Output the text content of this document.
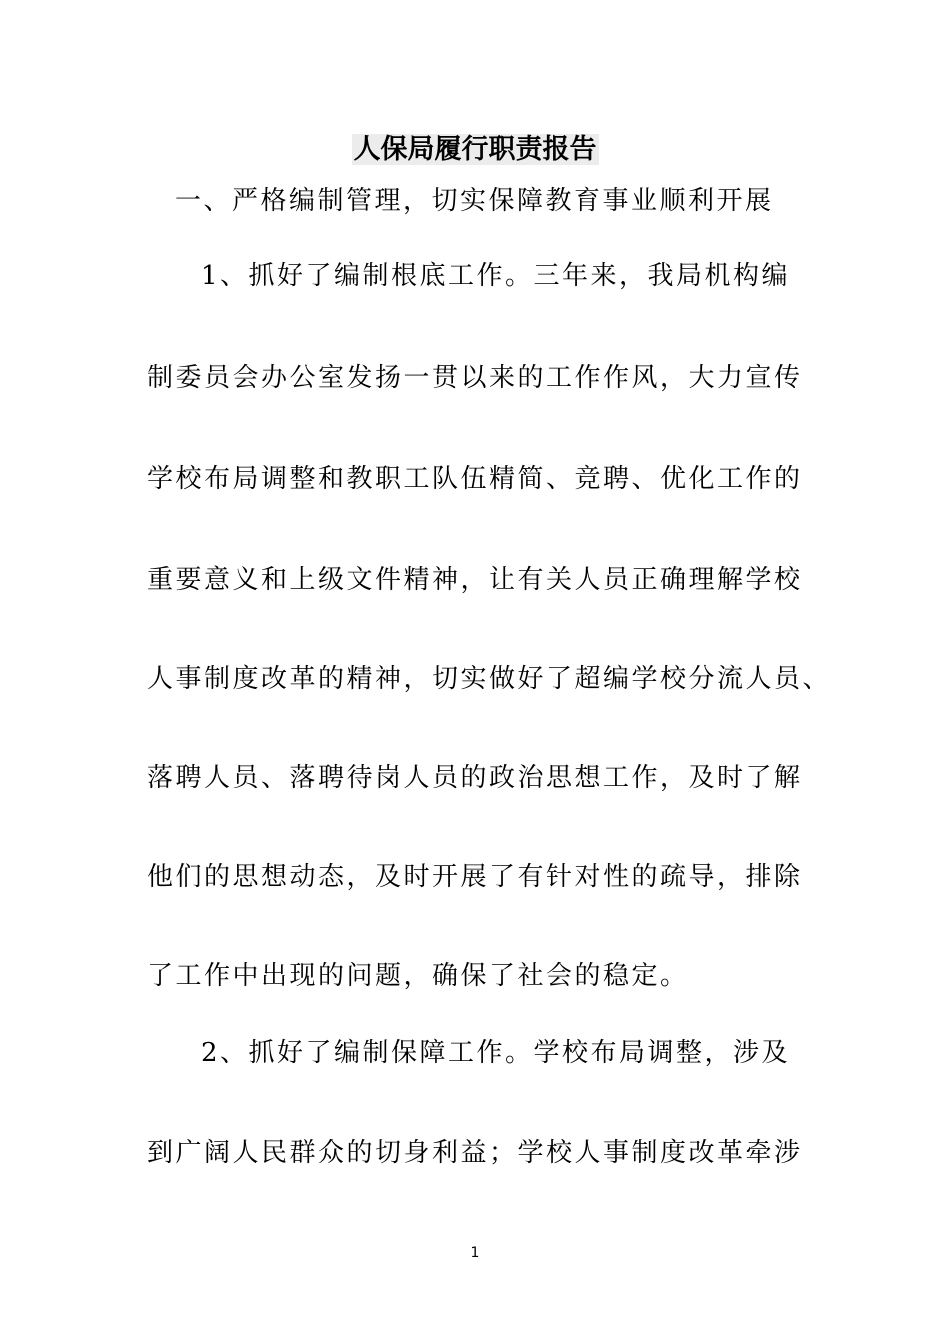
人保局履行职责报告
一、严格编制管理，切实保障教育事业顺利开展
1、抓好了编制根底工作。三年来，我局机构编
制委员会办公室发扬一贯以来的工作作风，大力宣传
学校布局调整和教职工队伍精简、竞聘、优化工作的
重要意义和上级文件精神，让有关人员正确理解学校
人事制度改革的精神，切实做好了超编学校分流人员、
落聘人员、落聘待岗人员的政治思想工作，及时了解
他们的思想动态，及时开展了有针对性的疏导，排除
了工作中出现的问题，确保了社会的稳定。
2、抓好了编制保障工作。学校布局调整，涉及
到广阔人民群众的切身利益；学校人事制度改革牵涉
1
